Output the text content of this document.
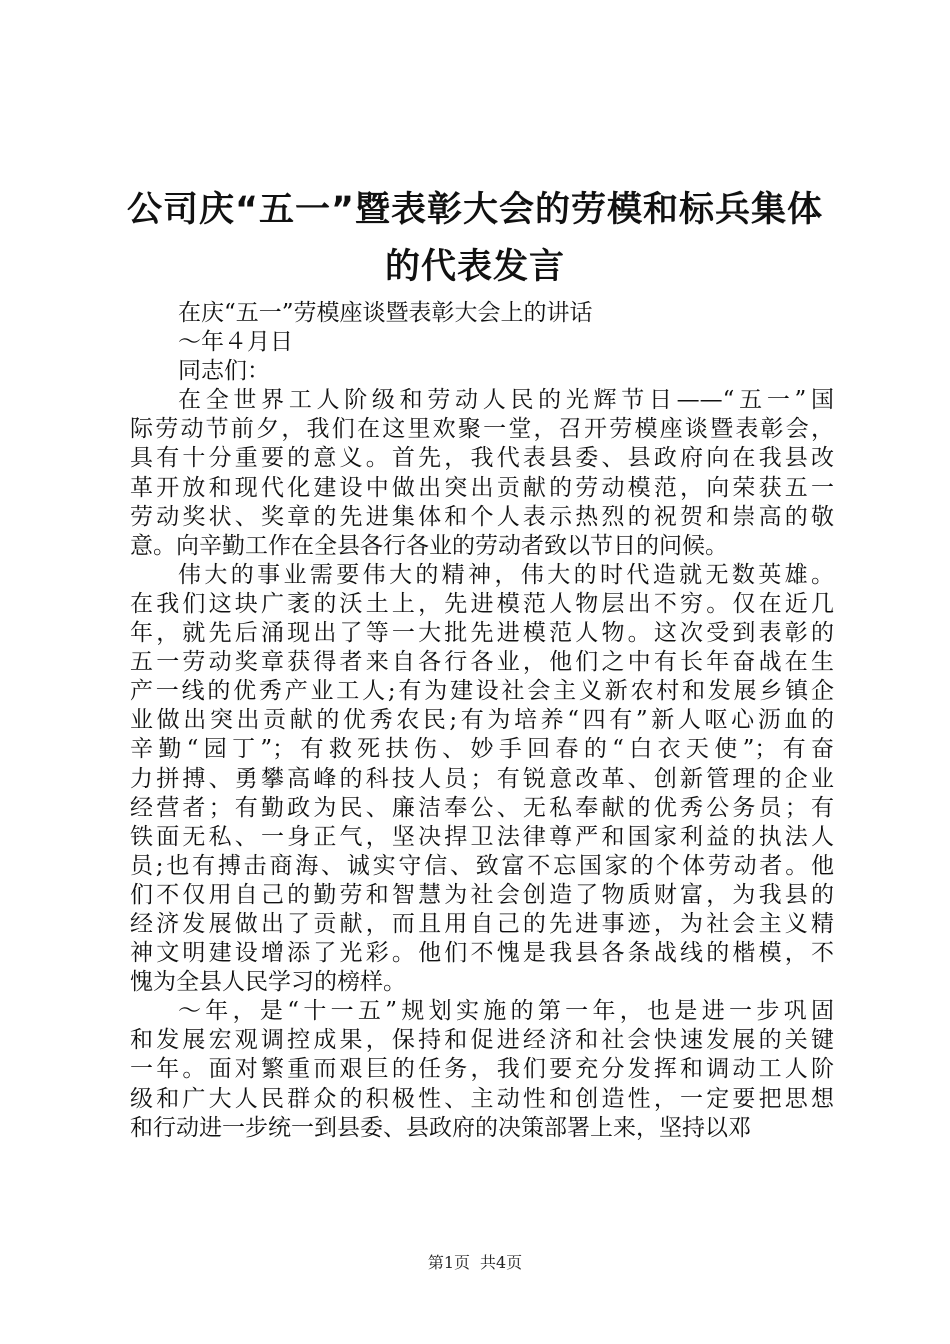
公司庆“五一”暨表彰大会的劳模和标兵集体
的代表发言
在庆“五一”劳模座谈暨表彰大会上的讲话
～年４月日
同志们：
在全世界工人阶级和劳动人民的光辉节日——“五一”国
际劳动节前夕，我们在这里欢聚一堂，召开劳模座谈暨表彰会，
具有十分重要的意义。首先，我代表县委、县政府向在我县改
革开放和现代化建设中做出突出贡献的劳动模范，向荣获五一
劳动奖状、奖章的先进集体和个人表示热烈的祝贺和崇高的敬
意。向辛勤工作在全县各行各业的劳动者致以节日的问候。
伟大的事业需要伟大的精神，伟大的时代造就无数英雄。
在我们这块广袤的沃土上，先进模范人物层出不穷。仅在近几
年，就先后涌现出了等一大批先进模范人物。这次受到表彰的
五一劳动奖章获得者来自各行各业，他们之中有长年奋战在生
产一线的优秀产业工人;有为建设社会主义新农村和发展乡镇企
业做出突出贡献的优秀农民;有为培养“四有”新人呕心沥血的
辛勤“园丁”；有救死扶伤、妙手回春的“白衣天使”；有奋
力拼搏、勇攀高峰的科技人员；有锐意改革、创新管理的企业
经营者；有勤政为民、廉洁奉公、无私奉献的优秀公务员；有
铁面无私、一身正气，坚决捍卫法律尊严和国家利益的执法人
员;也有搏击商海、诚实守信、致富不忘国家的个体劳动者。他
们不仅用自己的勤劳和智慧为社会创造了物质财富，为我县的
经济发展做出了贡献，而且用自己的先进事迹，为社会主义精
神文明建设增添了光彩。他们不愧是我县各条战线的楷模，不
愧为全县人民学习的榜样。
～年，是“十一五”规划实施的第一年，也是进一步巩固
和发展宏观调控成果，保持和促进经济和社会快速发展的关键
一年。面对繁重而艰巨的任务，我们要充分发挥和调动工人阶
级和广大人民群众的积极性、主动性和创造性，一定要把思想
和行动进一步统一到县委、县政府的决策部署上来，坚持以邓
第1页 共4页
